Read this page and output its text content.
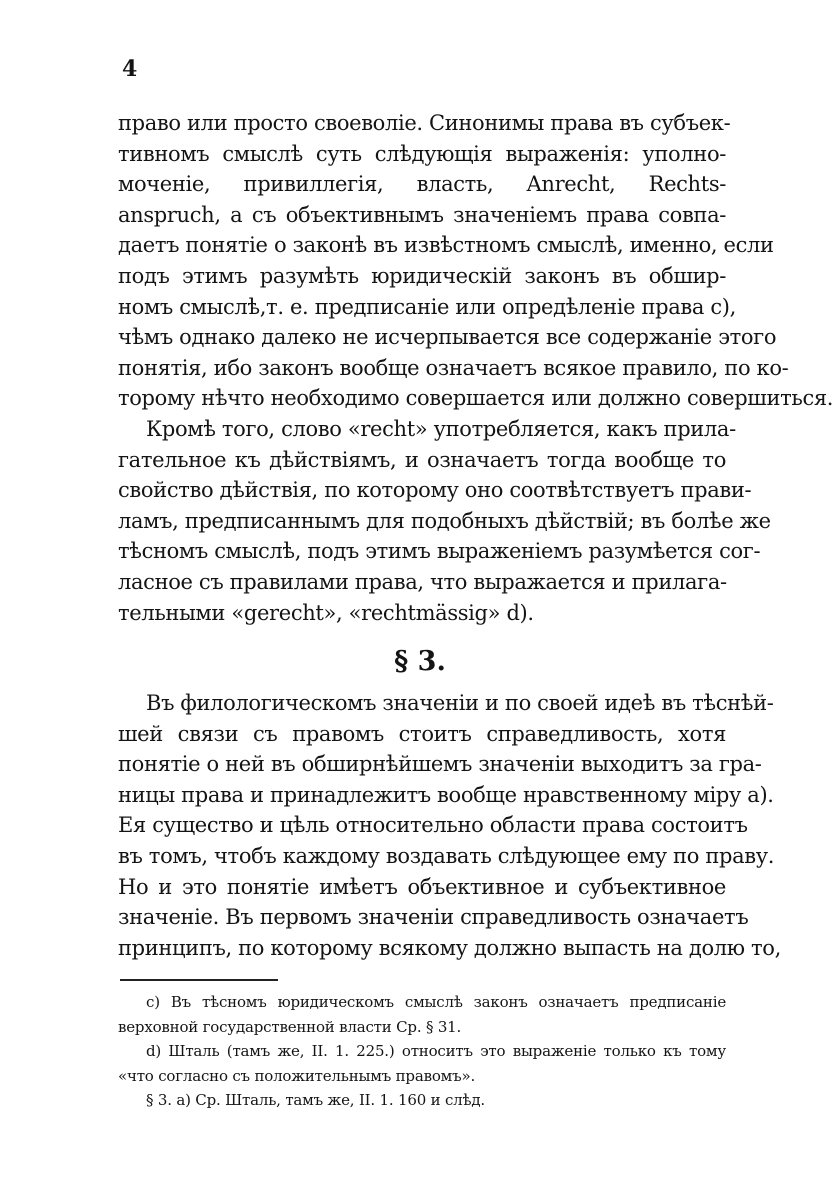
4
право или просто своеволіе. Синонимы права въ субъек-
тивномъ смыслѣ суть слѣдующія выраженія: уполно-
моченіе, привиллегія, власть, Anrecht, Rechts-
anspruch, а съ объективнымъ значеніемъ права совпа-
даетъ понятіе о законѣ въ извѣстномъ смыслѣ, именно, если
подъ этимъ разумѣть юридическій законъ въ обшир-
номъ смыслѣ,т. е. предписаніе или опредѣленіе права c),
чѣмъ однако далеко не исчерпывается все содержаніе этого
понятія, ибо законъ вообще означаетъ всякое правило, по ко-
торому нѣчто необходимо совершается или должно совершиться.
Кромѣ того, слово «recht» употребляется, какъ прила-
гательное къ дѣйствіямъ, и означаетъ тогда вообще то
свойство дѣйствія, по которому оно соотвѣтствуетъ прави-
ламъ, предписаннымъ для подобныхъ дѣйствій; въ болѣе же
тѣсномъ смыслѣ, подъ этимъ выраженіемъ разумѣется сог-
ласное съ правилами права, что выражается и прилага-
тельными «gerecht», «rechtmässig» d).
§ 3.
Въ филологическомъ значеніи и по своей идеѣ въ тѣснѣй-
шей связи съ правомъ стоитъ справедливость, хотя
понятіе о ней въ обширнѣйшемъ значеніи выходитъ за гра-
ницы права и принадлежитъ вообще нравственному міру a).
Ея существо и цѣль относительно области права состоитъ
въ томъ, чтобъ каждому воздавать слѣдующее ему по праву.
Но и это понятіе имѣетъ объективное и субъективное
значеніе. Въ первомъ значеніи справедливость означаетъ
принципъ, по которому всякому должно выпасть на долю то,
c) Въ тѣсномъ юридическомъ смыслѣ законъ означаетъ предписаніе
верховной государственной власти Ср. § 31.
d) Шталь (тамъ же, II. 1. 225.) относитъ это выраженіе только къ тому
«что согласно съ положительнымъ правомъ».
§ 3. a) Ср. Шталь, тамъ же, II. 1. 160 и слѣд.
